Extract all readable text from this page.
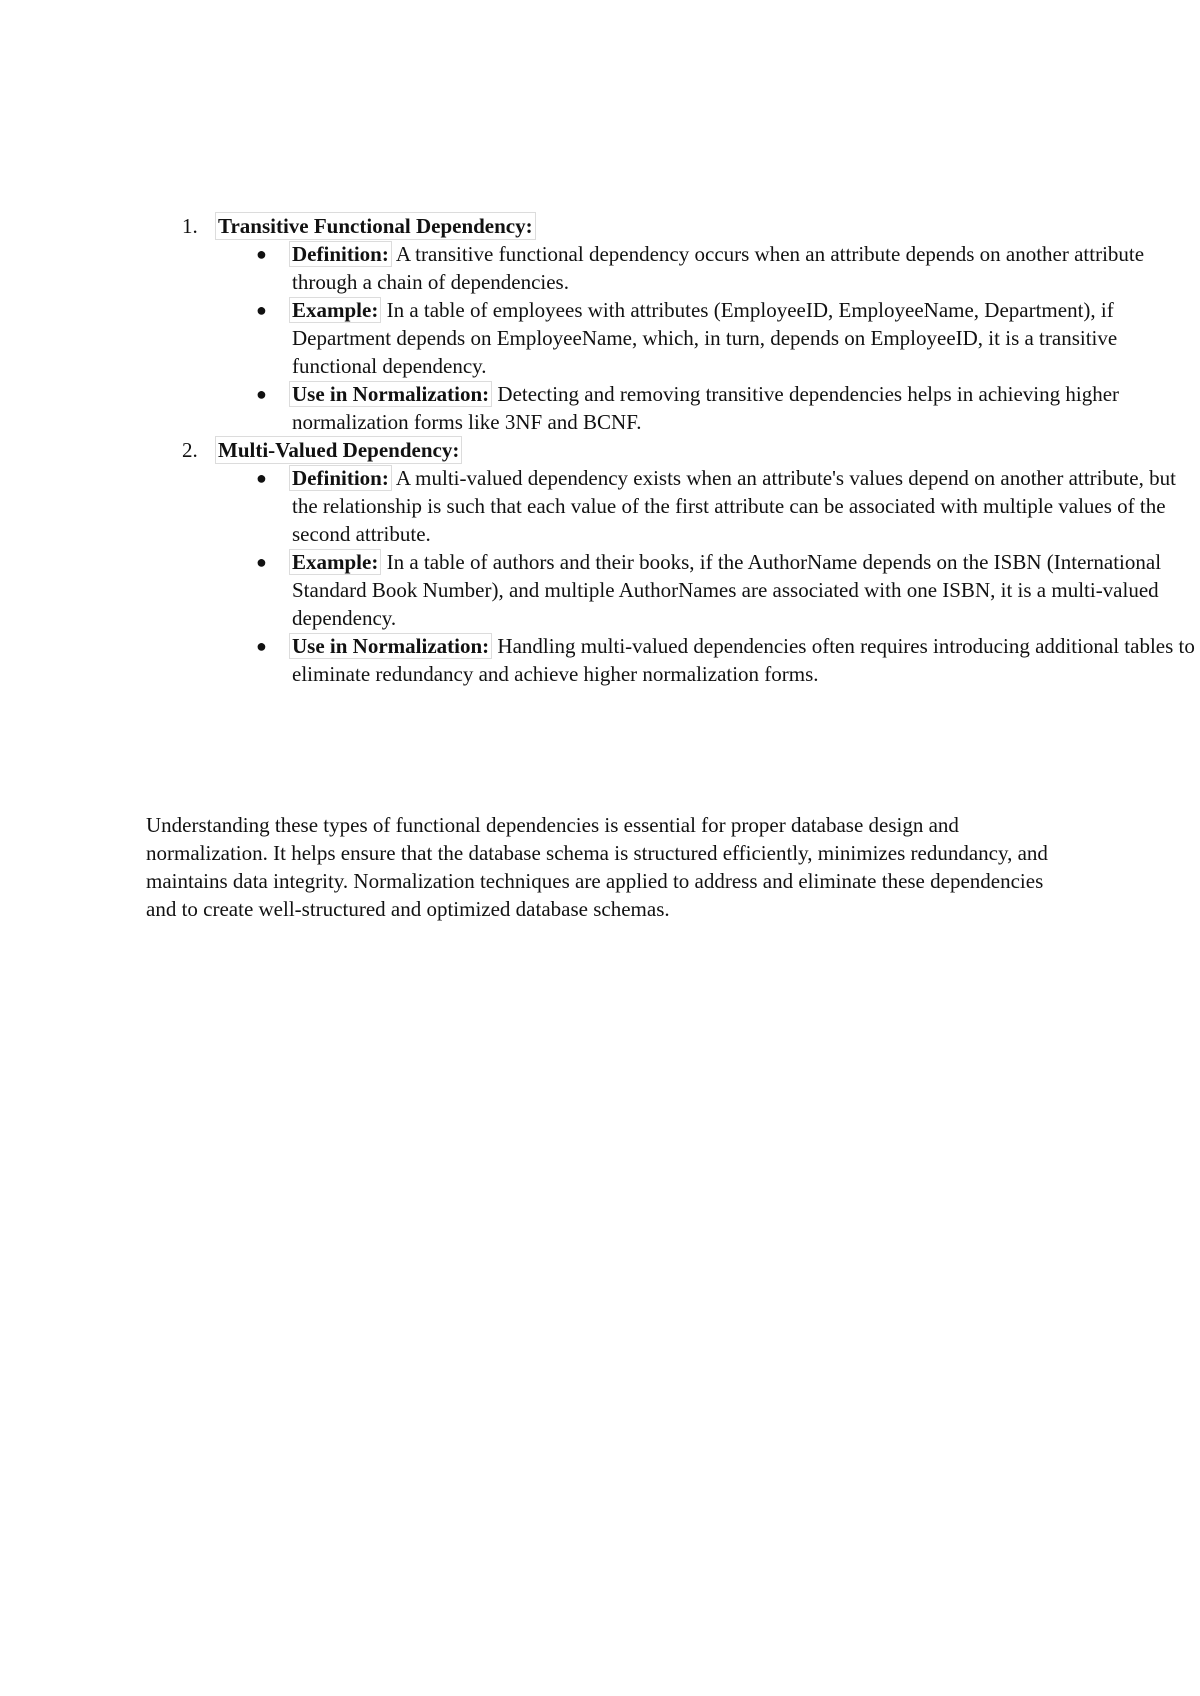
1. Transitive Functional Dependency:
● Definition: A transitive functional dependency occurs when an attribute depends on another attribute through a chain of dependencies.
● Example: In a table of employees with attributes (EmployeeID, EmployeeName, Department), if Department depends on EmployeeName, which, in turn, depends on EmployeeID, it is a transitive functional dependency.
● Use in Normalization: Detecting and removing transitive dependencies helps in achieving higher normalization forms like 3NF and BCNF.
2. Multi-Valued Dependency:
● Definition: A multi-valued dependency exists when an attribute's values depend on another attribute, but the relationship is such that each value of the first attribute can be associated with multiple values of the second attribute.
● Example: In a table of authors and their books, if the AuthorName depends on the ISBN (International Standard Book Number), and multiple AuthorNames are associated with one ISBN, it is a multi-valued dependency.
● Use in Normalization: Handling multi-valued dependencies often requires introducing additional tables to eliminate redundancy and achieve higher normalization forms.

Understanding these types of functional dependencies is essential for proper database design and normalization. It helps ensure that the database schema is structured efficiently, minimizes redundancy, and maintains data integrity. Normalization techniques are applied to address and eliminate these dependencies and to create well-structured and optimized database schemas.
